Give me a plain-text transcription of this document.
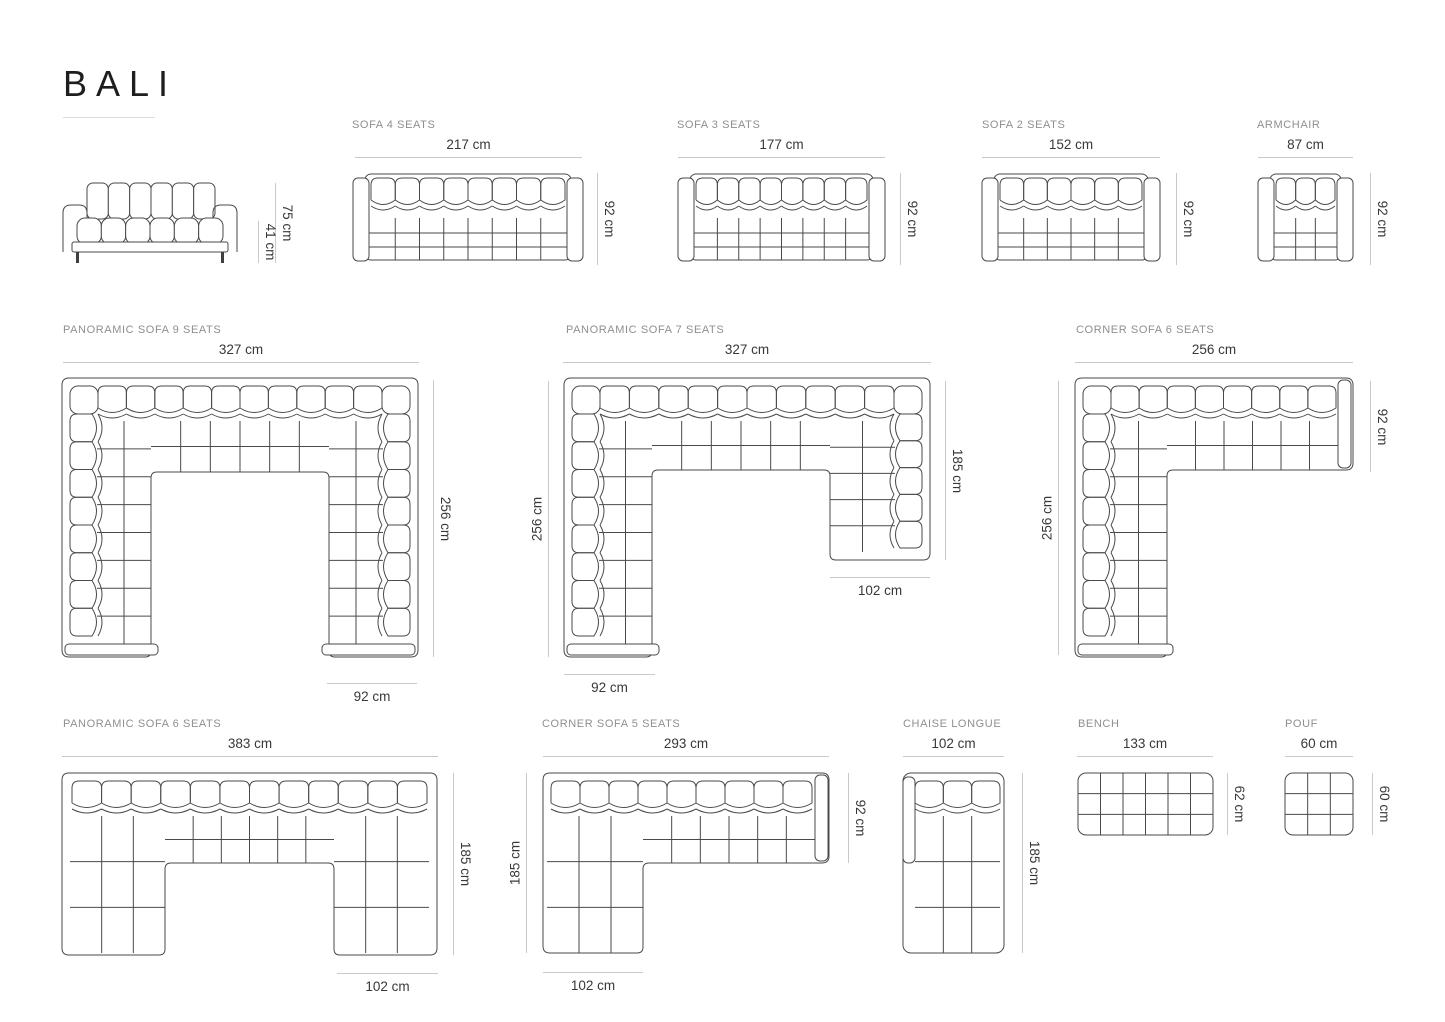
BALI
75 cm
41 cm
SOFA 4 SEATS
217 cm
92 cm
SOFA 3 SEATS
177 cm
92 cm
SOFA 2 SEATS
152 cm
92 cm
ARMCHAIR
87 cm
92 cm
PANORAMIC SOFA 9 SEATS
327 cm
256 cm
92 cm
PANORAMIC SOFA 7 SEATS
327 cm
256 cm
185 cm
102 cm
92 cm
CORNER SOFA 6 SEATS
256 cm
92 cm
256 cm
PANORAMIC SOFA 6 SEATS
383 cm
185 cm
102 cm
CORNER SOFA 5 SEATS
293 cm
92 cm
185 cm
102 cm
CHAISE LONGUE
102 cm
185 cm
BENCH
133 cm
62 cm
POUF
60 cm
60 cm
